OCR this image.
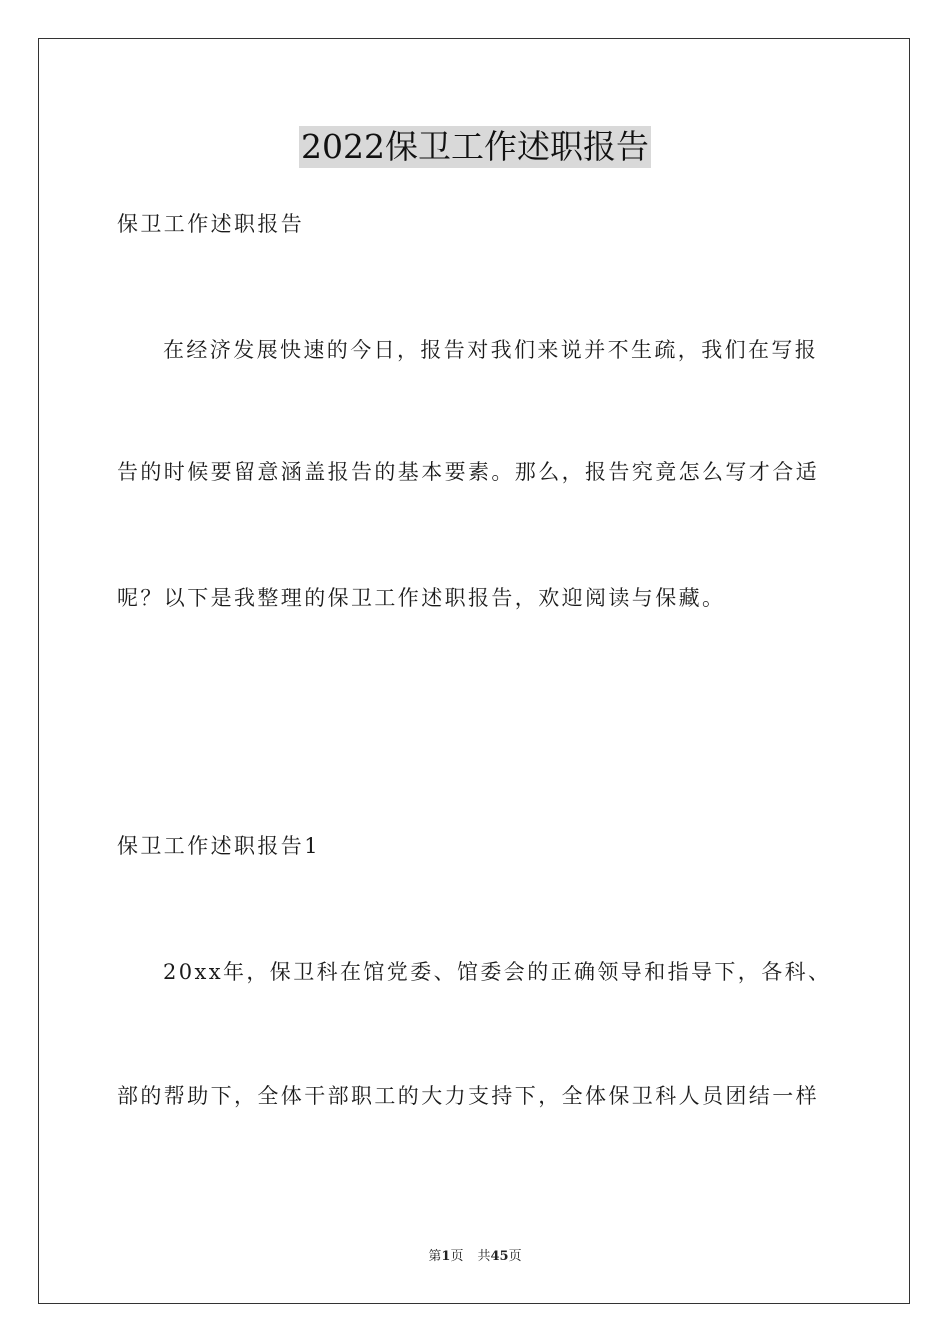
2022保卫工作述职报告
保卫工作述职报告
在经济发展快速的今日，报告对我们来说并不生疏，我们在写报
告的时候要留意涵盖报告的基本要素。那么，报告究竟怎么写才合适
呢？以下是我整理的保卫工作述职报告，欢迎阅读与保藏。
保卫工作述职报告1
20xx年，保卫科在馆党委、馆委会的正确领导和指导下，各科、
部的帮助下，全体干部职工的大力支持下，全体保卫科人员团结一样
第1页 共45页
